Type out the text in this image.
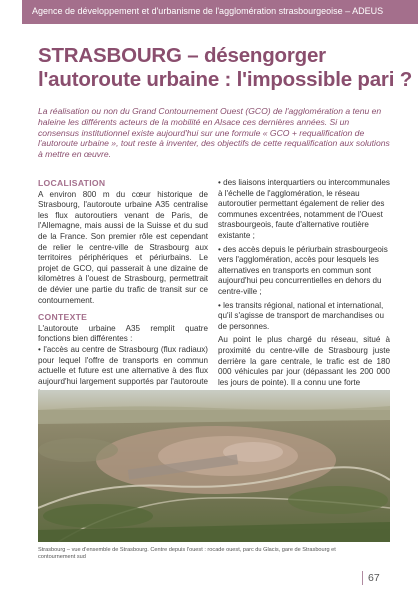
Agence de développement et d'urbanisme de l'agglomération strasbourgeoise – ADEUS
STRASBOURG – désengorger
l'autoroute urbaine : l'impossible pari ?
La réalisation ou non du Grand Contournement Ouest (GCO) de l'agglomération a tenu en haleine les différents acteurs de la mobilité en Alsace ces dernières années. Si un consensus institutionnel existe aujourd'hui sur une formule « GCO + requalification de l'autoroute urbaine », tout reste à inventer, des objectifs de cette requalification aux solutions à mettre en œuvre.
LOCALISATION

A environ 800 m du cœur historique de Strasbourg, l'autoroute urbaine A35 centralise les flux autoroutiers venant de Paris, de l'Allemagne, mais aussi de la Suisse et du sud de la France. Son premier rôle est cependant de relier le centre-ville de Strasbourg aux territoires périphériques et périurbains. Le projet de GCO, qui passerait à une dizaine de kilomètres à l'ouest de Strasbourg, permettrait de dévier une partie du trafic de transit sur ce contournement.

CONTEXTE

L'autoroute urbaine A35 remplit quatre fonctions bien différentes :

• l'accès au centre de Strasbourg (flux radiaux) pour lequel l'offre de transports en commun actuelle et future est une alternative à des flux aujourd'hui largement supportés par l'autoroute

• des liaisons interquartiers ou intercommunales à l'échelle de l'agglomération, le réseau autoroutier permettant également de relier des communes excentrées, notamment de l'Ouest strasbourgeois, faute d'alternative routière existante ;

• des accès depuis le périurbain strasbourgeois vers l'agglomération, accès pour lesquels les alternatives en transports en commun sont aujourd'hui peu concurrentielles en dehors du centre-ville ;

• les transits régional, national et international, qu'il s'agisse de transport de marchandises ou de personnes.

Au point le plus chargé du réseau, situé à proximité du centre-ville de Strasbourg juste derrière la gare centrale, le trafic est de 180 000 véhicules par jour (dépassant les 200 000 les jours de pointe). Il a connu une forte

Strasbourg – vue d'ensemble de Strasbourg. Centre depuis l'ouest : rocade ouest, parc du Glacis, gare de Strasbourg et contournement sud
67
